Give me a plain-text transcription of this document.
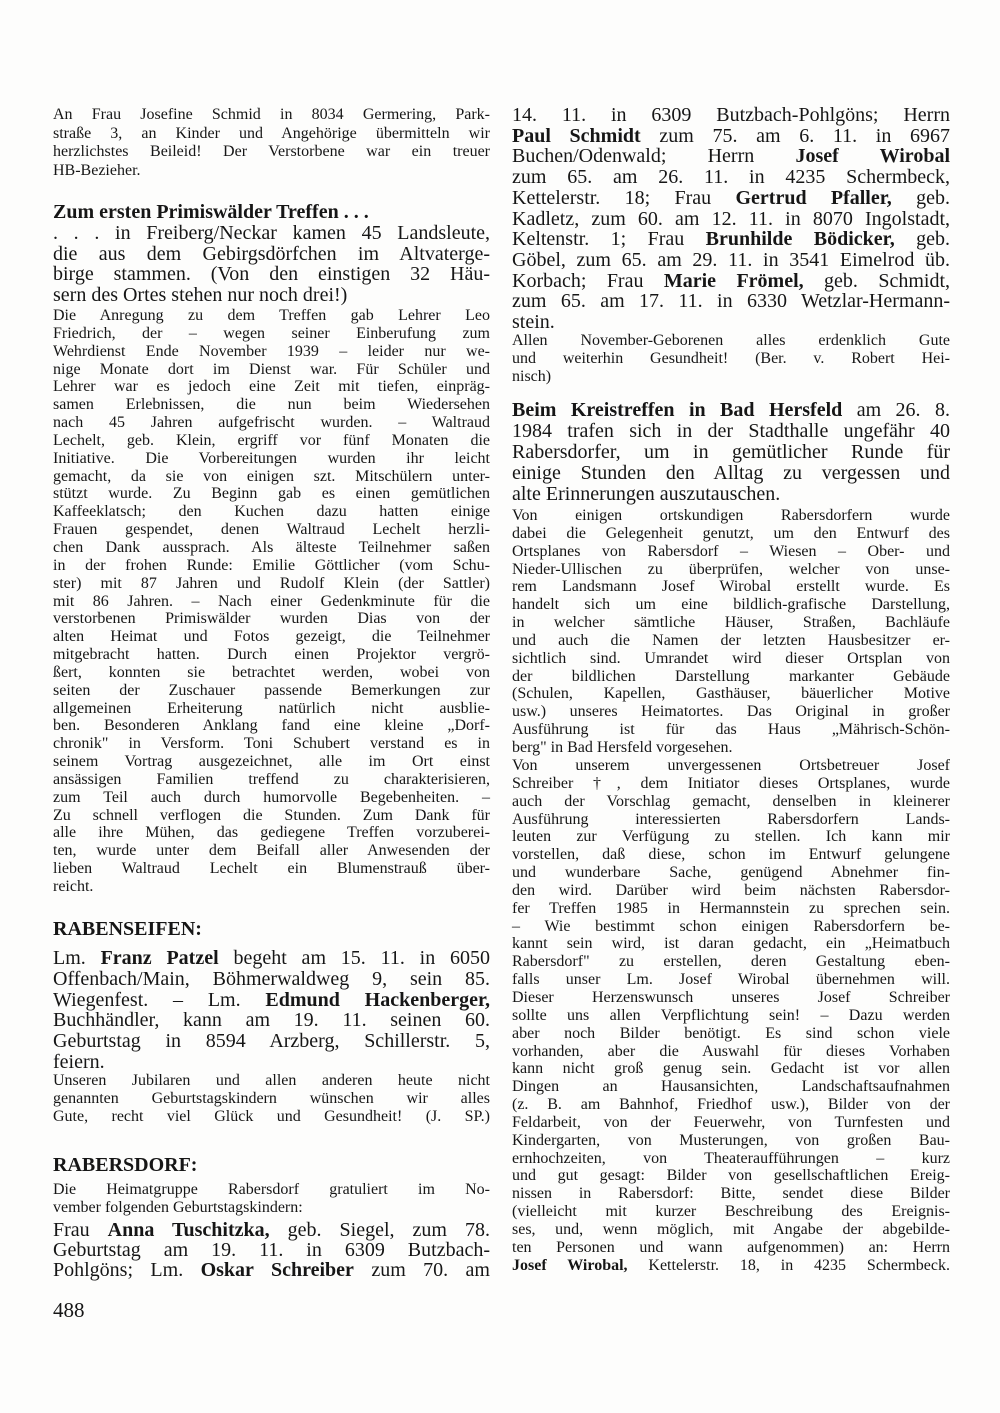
An Frau Josefine Schmid in 8034 Germering, Park-
straße 3, an Kinder und Angehörige übermitteln wir
herzlichstes Beileid! Der Verstorbene war ein treuer
HB-Bezieher.
Zum ersten Primiswälder Treffen . . .
. . . in Freiberg/Neckar kamen 45 Landsleute,
die aus dem Gebirgsdörfchen im Altvaterge-
birge stammen. (Von den einstigen 32 Häu-
sern des Ortes stehen nur noch drei!)
Die Anregung zu dem Treffen gab Lehrer Leo
Friedrich, der – wegen seiner Einberufung zum
Wehrdienst Ende November 1939 – leider nur we-
nige Monate dort im Dienst war. Für Schüler und
Lehrer war es jedoch eine Zeit mit tiefen, einpräg-
samen Erlebnissen, die nun beim Wiedersehen
nach 45 Jahren aufgefrischt wurden. – Waltraud
Lechelt, geb. Klein, ergriff vor fünf Monaten die
Initiative. Die Vorbereitungen wurden ihr leicht
gemacht, da sie von einigen szt. Mitschülern unter-
stützt wurde. Zu Beginn gab es einen gemütlichen
Kaffeeklatsch; den Kuchen dazu hatten einige
Frauen gespendet, denen Waltraud Lechelt herzli-
chen Dank aussprach. Als älteste Teilnehmer saßen
in der frohen Runde: Emilie Göttlicher (vom Schu-
ster) mit 87 Jahren und Rudolf Klein (der Sattler)
mit 86 Jahren. – Nach einer Gedenkminute für die
verstorbenen Primiswälder wurden Dias von der
alten Heimat und Fotos gezeigt, die Teilnehmer
mitgebracht hatten. Durch einen Projektor vergrö-
ßert, konnten sie betrachtet werden, wobei von
seiten der Zuschauer passende Bemerkungen zur
allgemeinen Erheiterung natürlich nicht ausblie-
ben. Besonderen Anklang fand eine kleine „Dorf-
chronik" in Versform. Toni Schubert verstand es in
seinem Vortrag ausgezeichnet, alle im Ort einst
ansässigen Familien treffend zu charakterisieren,
zum Teil auch durch humorvolle Begebenheiten. –
Zu schnell verflogen die Stunden. Zum Dank für
alle ihre Mühen, das gediegene Treffen vorzuberei-
ten, wurde unter dem Beifall aller Anwesenden der
lieben Waltraud Lechelt ein Blumenstrauß über-
reicht.
RABENSEIFEN:
Lm. Franz Patzel begeht am 15. 11. in 6050
Offenbach/Main, Böhmerwaldweg 9, sein 85.
Wiegenfest. – Lm. Edmund Hackenberger,
Buchhändler, kann am 19. 11. seinen 60.
Geburtstag in 8594 Arzberg, Schillerstr. 5,
feiern.
Unseren Jubilaren und allen anderen heute nicht
genannten Geburtstagskindern wünschen wir alles
Gute, recht viel Glück und Gesundheit! (J. SP.)
RABERSDORF:
Die Heimatgruppe Rabersdorf gratuliert im No-
vember folgenden Geburtstagskindern:
Frau Anna Tuschitzka, geb. Siegel, zum 78.
Geburtstag am 19. 11. in 6309 Butzbach-
Pohlgöns; Lm. Oskar Schreiber zum 70. am
488
14. 11. in 6309 Butzbach-Pohlgöns; Herrn
Paul Schmidt zum 75. am 6. 11. in 6967
Buchen/Odenwald; Herrn Josef Wirobal
zum 65. am 26. 11. in 4235 Schermbeck,
Kettelerstr. 18; Frau Gertrud Pfaller, geb.
Kadletz, zum 60. am 12. 11. in 8070 Ingolstadt,
Keltenstr. 1; Frau Brunhilde Bödicker, geb.
Göbel, zum 65. am 29. 11. in 3541 Eimelrod üb.
Korbach; Frau Marie Frömel, geb. Schmidt,
zum 65. am 17. 11. in 6330 Wetzlar-Hermann-
stein.
Allen November-Geborenen alles erdenklich Gute
und weiterhin Gesundheit! (Ber. v. Robert Hei-
nisch)
Beim Kreistreffen in Bad Hersfeld am 26. 8.
1984 trafen sich in der Stadthalle ungefähr 40
Rabersdorfer, um in gemütlicher Runde für
einige Stunden den Alltag zu vergessen und
alte Erinnerungen auszutauschen.
Von einigen ortskundigen Rabersdorfern wurde
dabei die Gelegenheit genutzt, um den Entwurf des
Ortsplanes von Rabersdorf – Wiesen – Ober- und
Nieder-Ullischen zu überprüfen, welcher von unse-
rem Landsmann Josef Wirobal erstellt wurde. Es
handelt sich um eine bildlich-grafische Darstellung,
in welcher sämtliche Häuser, Straßen, Bachläufe
und auch die Namen der letzten Hausbesitzer er-
sichtlich sind. Umrandet wird dieser Ortsplan von
der bildlichen Darstellung markanter Gebäude
(Schulen, Kapellen, Gasthäuser, bäuerlicher Motive
usw.) unseres Heimatortes. Das Original in großer
Ausführung ist für das Haus „Mährisch-Schön-
berg" in Bad Hersfeld vorgesehen.
Von unserem unvergessenen Ortsbetreuer Josef
Schreiber †, dem Initiator dieses Ortsplanes, wurde
auch der Vorschlag gemacht, denselben in kleinerer
Ausführung interessierten Rabersdorfern Lands-
leuten zur Verfügung zu stellen. Ich kann mir
vorstellen, daß diese, schon im Entwurf gelungene
und wunderbare Sache, genügend Abnehmer fin-
den wird. Darüber wird beim nächsten Rabersdor-
fer Treffen 1985 in Hermannstein zu sprechen sein.
– Wie bestimmt schon einigen Rabersdorfern be-
kannt sein wird, ist daran gedacht, ein „Heimatbuch
Rabersdorf" zu erstellen, deren Gestaltung eben-
falls unser Lm. Josef Wirobal übernehmen will.
Dieser Herzenswunsch unseres Josef Schreiber
sollte uns allen Verpflichtung sein! – Dazu werden
aber noch Bilder benötigt. Es sind schon viele
vorhanden, aber die Auswahl für dieses Vorhaben
kann nicht groß genug sein. Gedacht ist vor allen
Dingen an Hausansichten, Landschaftsaufnahmen
(z. B. am Bahnhof, Friedhof usw.), Bilder von der
Feldarbeit, von der Feuerwehr, von Turnfesten und
Kindergarten, von Musterungen, von großen Bau-
ernhochzeiten, von Theateraufführungen – kurz
und gut gesagt: Bilder von gesellschaftlichen Ereig-
nissen in Rabersdorf: Bitte, sendet diese Bilder
(vielleicht mit kurzer Beschreibung des Ereignis-
ses, und, wenn möglich, mit Angabe der abgebilde-
ten Personen und wann aufgenommen) an: Herrn
Josef Wirobal, Kettelerstr. 18, in 4235 Schermbeck.
